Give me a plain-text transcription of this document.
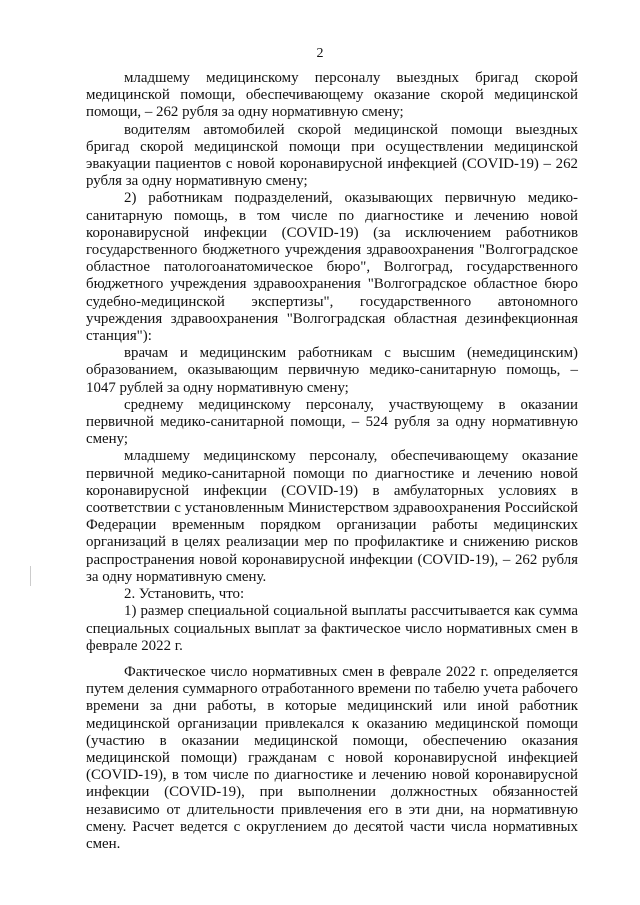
2

младшему медицинскому персоналу выездных бригад скорой медицинской помощи, обеспечивающему оказание скорой медицинской помощи, – 262 рубля за одну нормативную смену;

водителям автомобилей скорой медицинской помощи выездных бригад скорой медицинской помощи при осуществлении медицинской эвакуации пациентов с новой коронавирусной инфекцией (COVID-19) – 262 рубля за одну нормативную смену;

2) работникам подразделений, оказывающих первичную медико-санитарную помощь, в том числе по диагностике и лечению новой коронавирусной инфекции (COVID-19) (за исключением работников государственного бюджетного учреждения здравоохранения "Волгоградское областное патологоанатомическое бюро", Волгоград, государственного бюджетного учреждения здравоохранения "Волгоградское областное бюро судебно-медицинской экспертизы", государственного автономного учреждения здравоохранения "Волгоградская областная дезинфекционная станция"):

врачам и медицинским работникам с высшим (немедицинским) образованием, оказывающим первичную медико-санитарную помощь, – 1047 рублей за одну нормативную смену;

среднему медицинскому персоналу, участвующему в оказании первичной медико-санитарной помощи, – 524 рубля за одну нормативную смену;

младшему медицинскому персоналу, обеспечивающему оказание первичной медико-санитарной помощи по диагностике и лечению новой коронавирусной инфекции (COVID-19) в амбулаторных условиях в соответствии с установленным Министерством здравоохранения Российской Федерации временным порядком организации работы медицинских организаций в целях реализации мер по профилактике и снижению рисков распространения новой коронавирусной инфекции (COVID-19), – 262 рубля за одну нормативную смену.

2. Установить, что:

1) размер специальной социальной выплаты рассчитывается как сумма специальных социальных выплат за фактическое число нормативных смен в феврале 2022 г.

Фактическое число нормативных смен в феврале 2022 г. определяется путем деления суммарного отработанного времени по табелю учета рабочего времени за дни работы, в которые медицинский или иной работник медицинской организации привлекался к оказанию медицинской помощи (участию в оказании медицинской помощи, обеспечению оказания медицинской помощи) гражданам с новой коронавирусной инфекцией (COVID-19), в том числе по диагностике и лечению новой коронавирусной инфекции (COVID-19), при выполнении должностных обязанностей независимо от длительности привлечения его в эти дни, на нормативную смену. Расчет ведется с округлением до десятой части числа нормативных смен.
